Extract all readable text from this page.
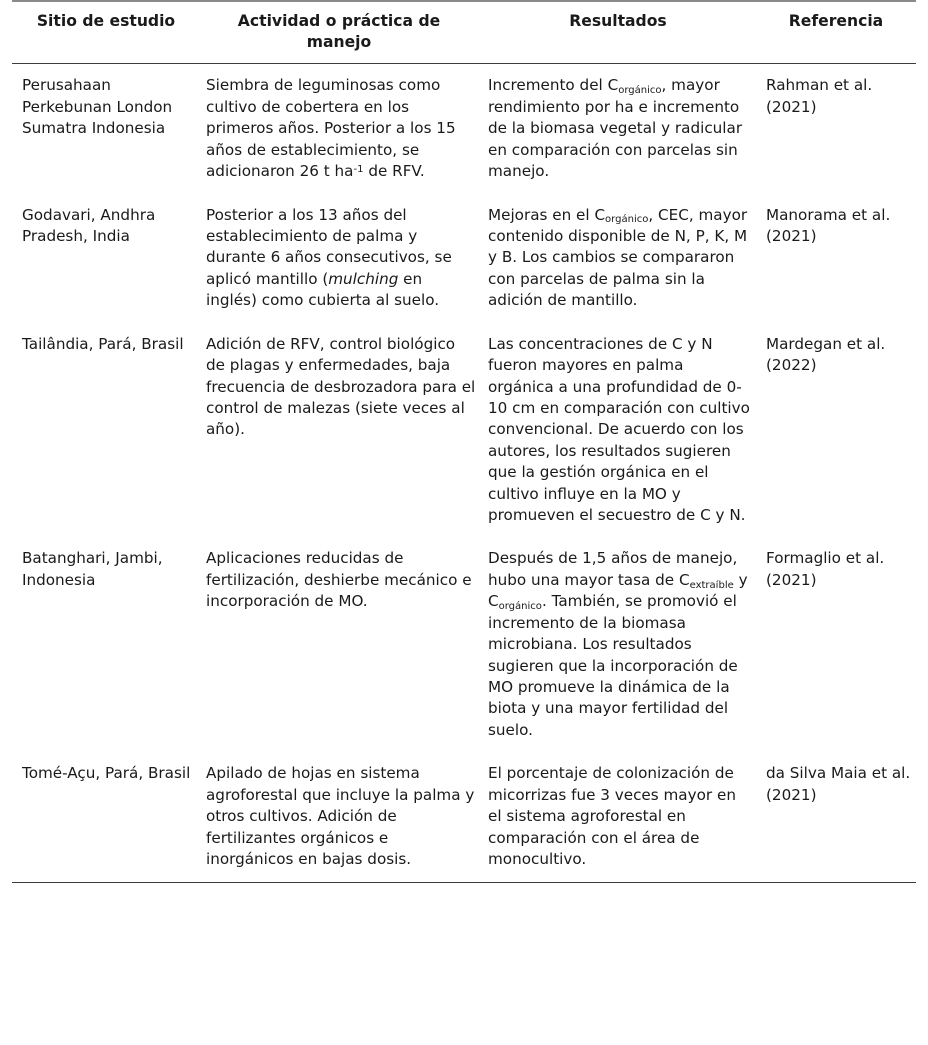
Sitio de estudio	Actividad o práctica de manejo	Resultados	Referencia

Perusahaan Perkebunan London Sumatra Indonesia	Siembra de leguminosas como cultivo de cobertera en los primeros años. Posterior a los 15 años de establecimiento, se adicionaron 26 t $ha^{-1}$ de RFV.	Incremento del $C_{orgánico}$, mayor rendimiento por ha e incremento de la biomasa vegetal y radicular en comparación con parcelas sin manejo.	Rahman et al. (2021)

Godavari, Andhra Pradesh, India	Posterior a los 13 años del establecimiento de palma y durante 6 años consecutivos, se aplicó mantillo (mulching en inglés) como cubierta al suelo.	Mejoras en el $C_{orgánico}$, CEC, mayor contenido disponible de N, P, K, M y B. Los cambios se compararon con parcelas de palma sin la adición de mantillo.	Manorama et al. (2021)

Tailândia, Pará, Brasil	Adición de RFV, control biológico de plagas y enfermedades, baja frecuencia de desbrozadora para el control de malezas (siete veces al año).	Las concentraciones de C y N fueron mayores en palma orgánica a una profundidad de 0-10 cm en comparación con cultivo convencional. De acuerdo con los autores, los resultados sugieren que la gestión orgánica en el cultivo influye en la MO y promueven el secuestro de C y N.	Mardegan et al. (2022)

Batanghari, Jambi, Indonesia	Aplicaciones reducidas de fertilización, deshierbe mecánico e incorporación de MO.	Después de 1,5 años de manejo, hubo una mayor tasa de $C_{extraíble}$ y $C_{orgánico}$. También, se promovió el incremento de la biomasa microbiana. Los resultados sugieren que la incorporación de MO promueve la dinámica de la biota y una mayor fertilidad del suelo.	Formaglio et al. (2021)

Tomé-Açu, Pará, Brasil	Apilado de hojas en sistema agroforestal que incluye la palma y otros cultivos. Adición de fertilizantes orgánicos e inorgánicos en bajas dosis.	El porcentaje de colonización de micorrizas fue 3 veces mayor en el sistema agroforestal en comparación con el área de monocultivo.	da Silva Maia et al. (2021)
